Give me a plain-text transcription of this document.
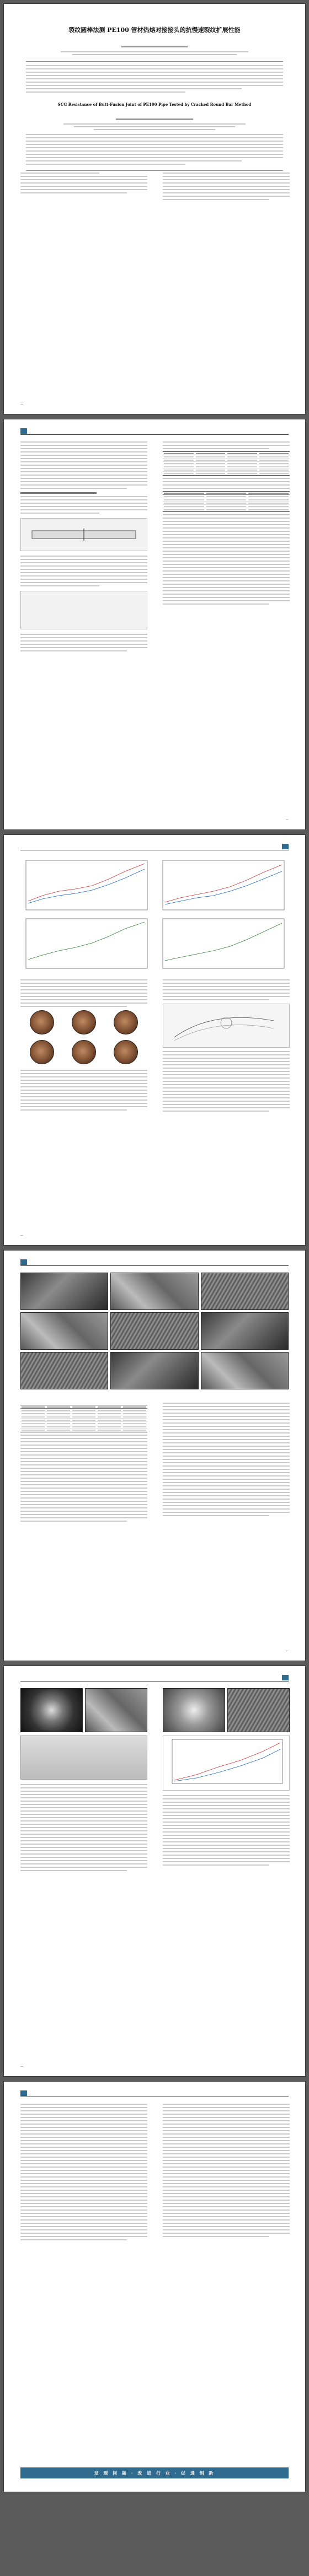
裂纹圆棒法测 PE100 管材热熔对接接头的抗慢速裂纹扩展性能
SCG Resistance of Butt-Fusion Joint of PE100 Pipe Tested by Cracked Round Bar Method
—
—
—
—
—
发 现 问 题 · 改 进 行 业 · 促 进 创 新
